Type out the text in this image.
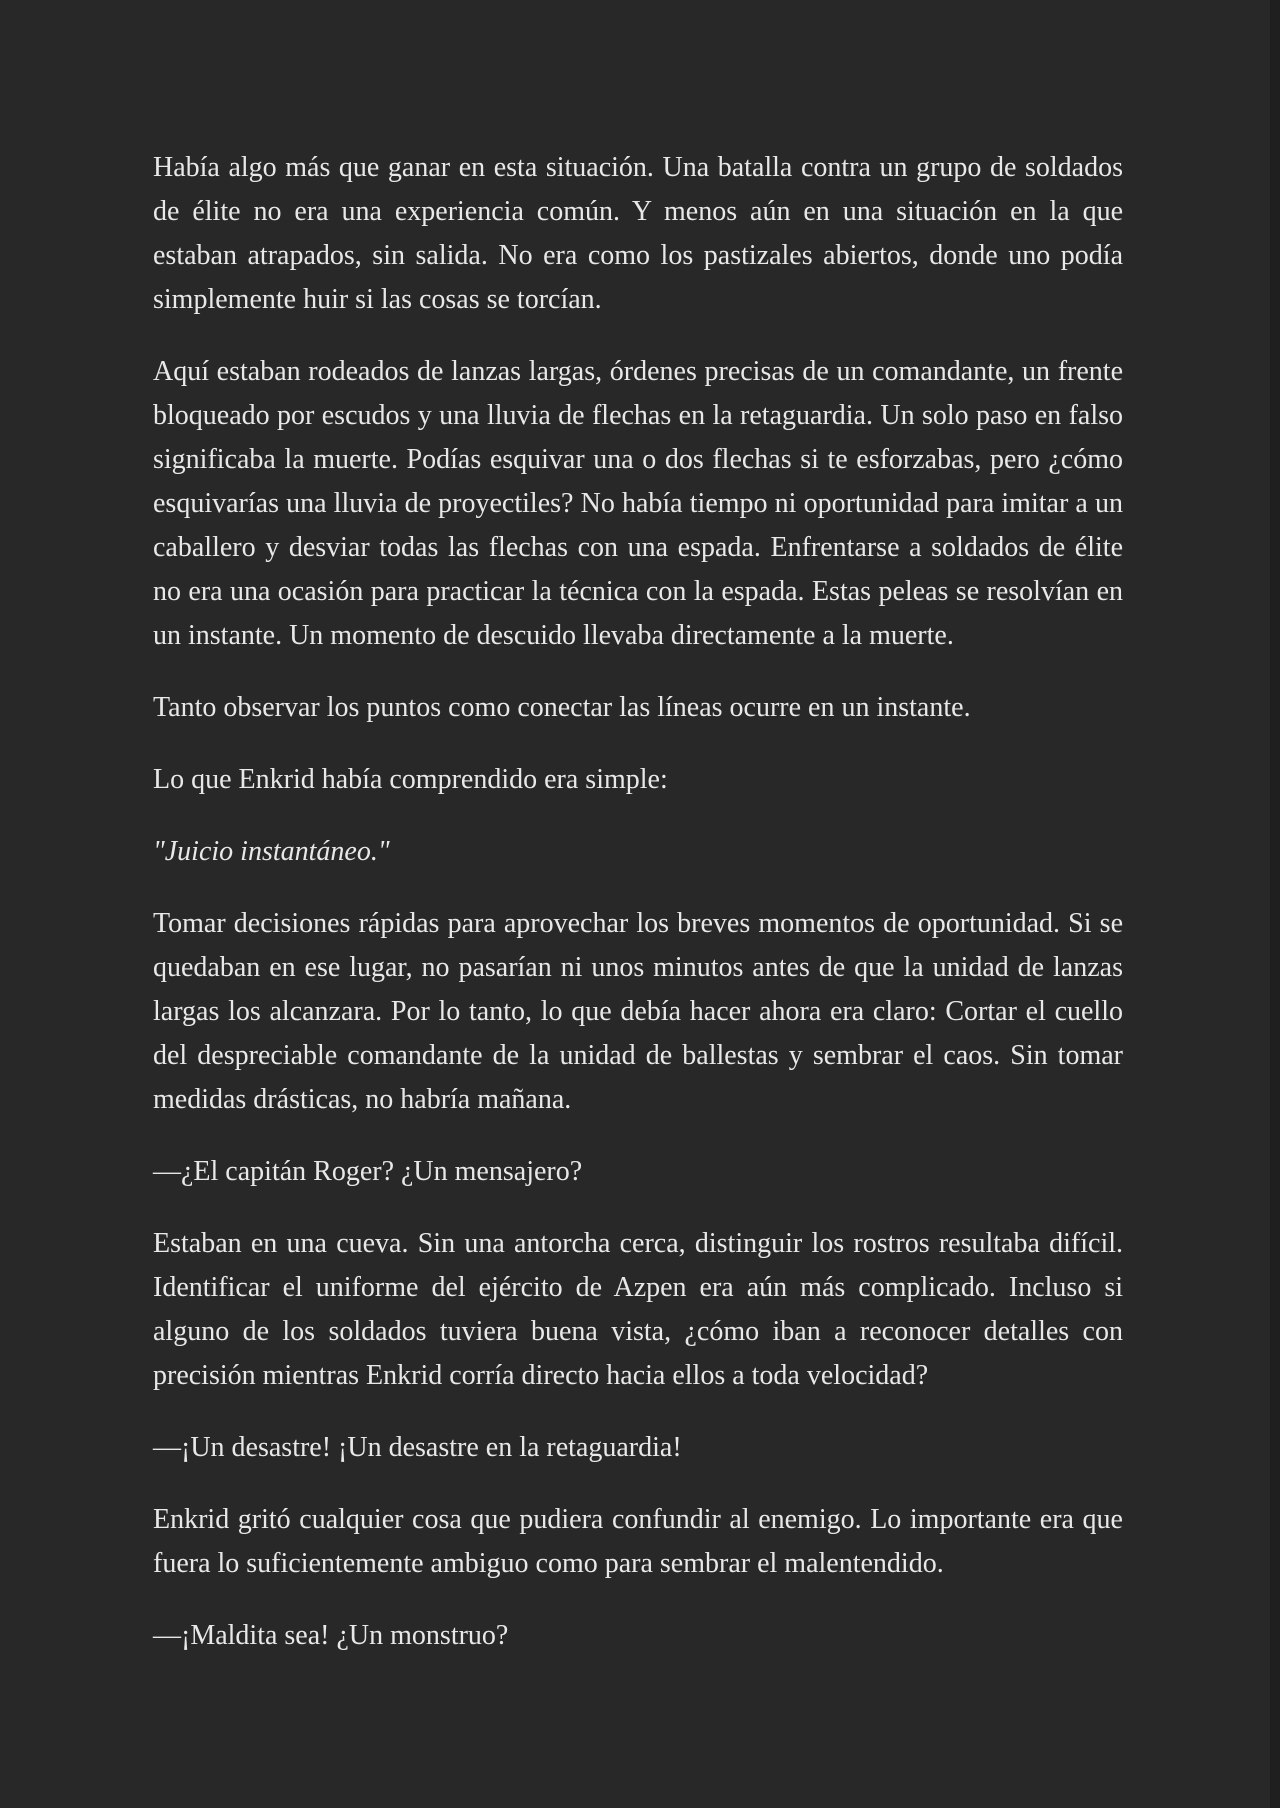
Había algo más que ganar en esta situación. Una batalla contra un grupo de soldados de élite no era una experiencia común. Y menos aún en una situación en la que estaban atrapados, sin salida. No era como los pastizales abiertos, donde uno podía simplemente huir si las cosas se torcían.

Aquí estaban rodeados de lanzas largas, órdenes precisas de un comandante, un frente bloqueado por escudos y una lluvia de flechas en la retaguardia. Un solo paso en falso significaba la muerte. Podías esquivar una o dos flechas si te esforzabas, pero ¿cómo esquivarías una lluvia de proyectiles? No había tiempo ni oportunidad para imitar a un caballero y desviar todas las flechas con una espada. Enfrentarse a soldados de élite no era una ocasión para practicar la técnica con la espada. Estas peleas se resolvían en un instante. Un momento de descuido llevaba directamente a la muerte.

Tanto observar los puntos como conectar las líneas ocurre en un instante.

Lo que Enkrid había comprendido era simple:

"Juicio instantáneo."

Tomar decisiones rápidas para aprovechar los breves momentos de oportunidad. Si se quedaban en ese lugar, no pasarían ni unos minutos antes de que la unidad de lanzas largas los alcanzara. Por lo tanto, lo que debía hacer ahora era claro: Cortar el cuello del despreciable comandante de la unidad de ballestas y sembrar el caos. Sin tomar medidas drásticas, no habría mañana.

—¿El capitán Roger? ¿Un mensajero?

Estaban en una cueva. Sin una antorcha cerca, distinguir los rostros resultaba difícil. Identificar el uniforme del ejército de Azpen era aún más complicado. Incluso si alguno de los soldados tuviera buena vista, ¿cómo iban a reconocer detalles con precisión mientras Enkrid corría directo hacia ellos a toda velocidad?

—¡Un desastre! ¡Un desastre en la retaguardia!

Enkrid gritó cualquier cosa que pudiera confundir al enemigo. Lo importante era que fuera lo suficientemente ambiguo como para sembrar el malentendido.

—¡Maldita sea! ¿Un monstruo?
